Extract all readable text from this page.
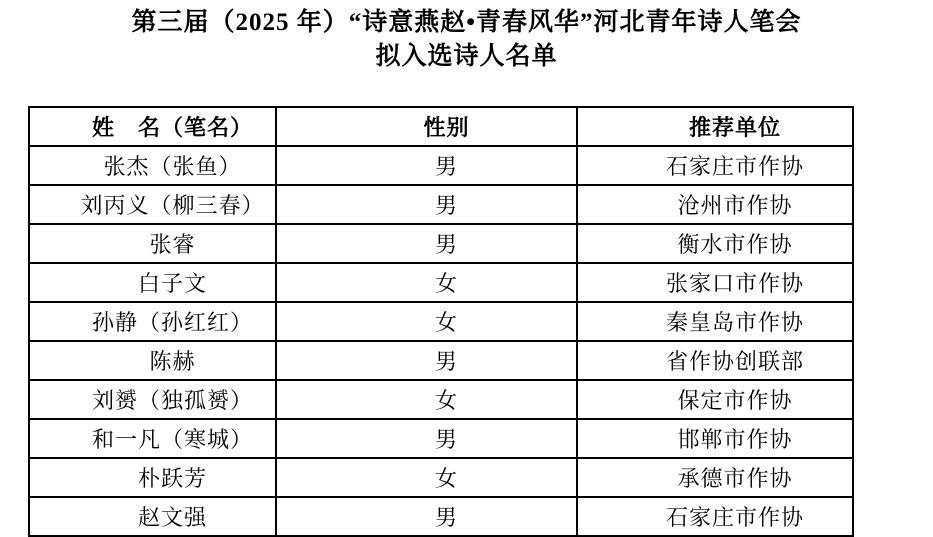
第三届（2025 年）“诗意燕赵•青春风华”河北青年诗人笔会
拟入选诗人名单
姓　名（笔名）	性别	推荐单位
张杰（张鱼）	男	石家庄市作协
刘丙义（柳三春）	男	沧州市作协
张睿	男	衡水市作协
白子文	女	张家口市作协
孙静（孙红红）	女	秦皇岛市作协
陈赫	男	省作协创联部
刘赟（独孤赟）	女	保定市作协
和一凡（寒城）	男	邯郸市作协
朴跃芳	女	承德市作协
赵文强	男	石家庄市作协
